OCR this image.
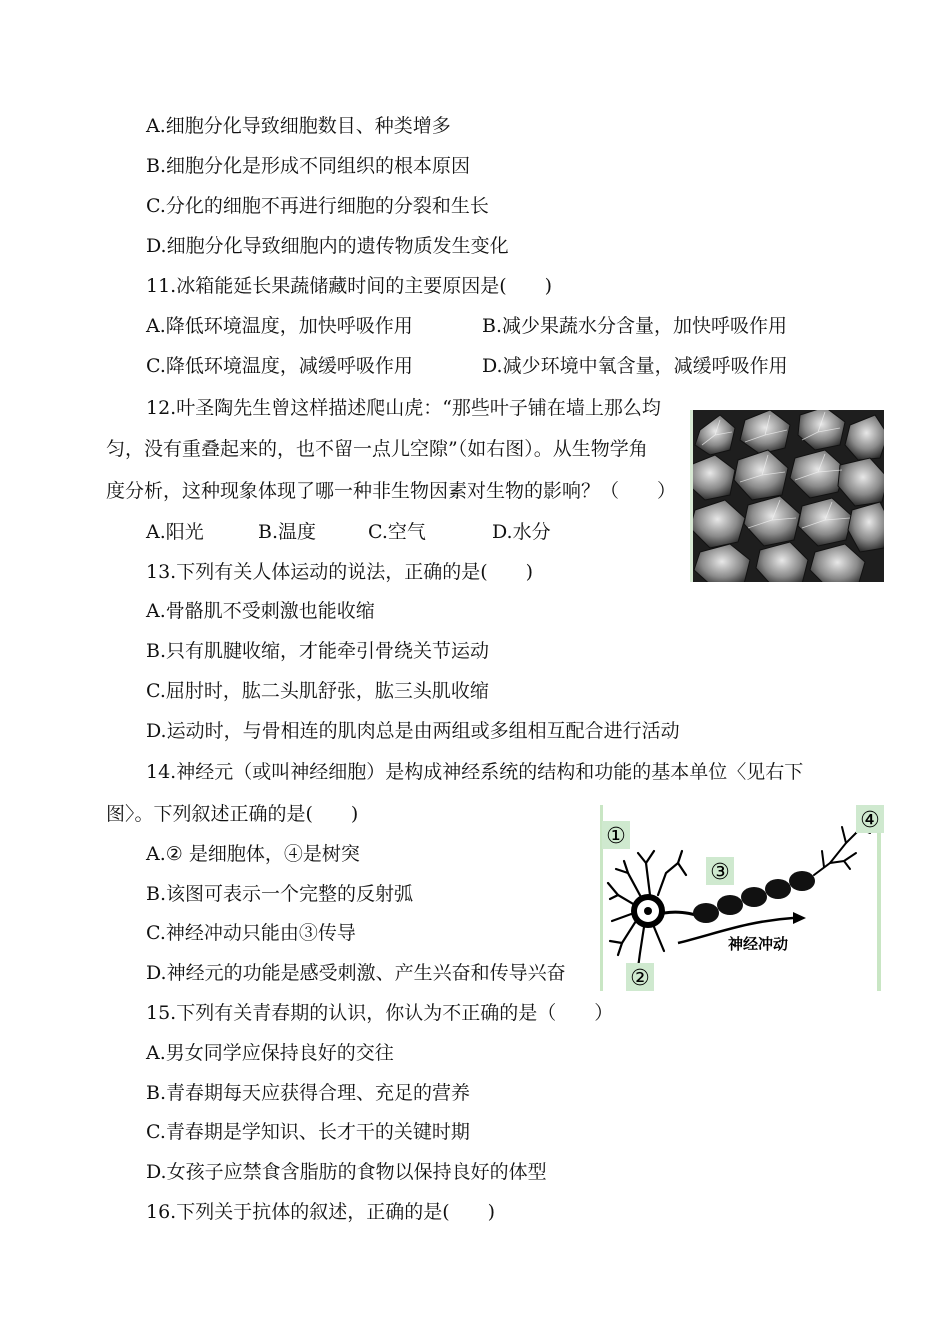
A.细胞分化导致细胞数目、种类增多
B.细胞分化是形成不同组织的根本原因
C.分化的细胞不再进行细胞的分裂和生长
D.细胞分化导致细胞内的遗传物质发生变化
11.冰箱能延长果蔬储藏时间的主要原因是(　　)
A.降低环境温度，加快呼吸作用	B.减少果蔬水分含量，加快呼吸作用
C.降低环境温度，减缓呼吸作用	D.减少环境中氧含量，减缓呼吸作用
12.叶圣陶先生曾这样描述爬山虎：“那些叶子铺在墙上那么均
匀，没有重叠起来的，也不留一点儿空隙”（如右图）。从生物学角
度分析，这种现象体现了哪一种非生物因素对生物的影响？（　　）
A.阳光	B.温度	C.空气	D.水分
13.下列有关人体运动的说法，正确的是(　　)
A.骨骼肌不受刺激也能收缩
B.只有肌腱收缩，才能牵引骨绕关节运动
C.屈肘时，肱二头肌舒张，肱三头肌收缩
D.运动时，与骨相连的肌肉总是由两组或多组相互配合进行活动
14.神经元（或叫神经细胞）是构成神经系统的结构和功能的基本单位〈见右下
图〉。下列叙述正确的是(　　)
A.② 是细胞体，④是树突
B.该图可表示一个完整的反射弧
C.神经冲动只能由③传导
D.神经元的功能是感受刺激、产生兴奋和传导兴奋
①
②
③
④
神经冲动
15.下列有关青春期的认识，你认为不正确的是（　　）
A.男女同学应保持良好的交往
B.青春期每天应获得合理、充足的营养
C.青春期是学知识、长才干的关键时期
D.女孩子应禁食含脂肪的食物以保持良好的体型
16.下列关于抗体的叙述，正确的是(　　)
